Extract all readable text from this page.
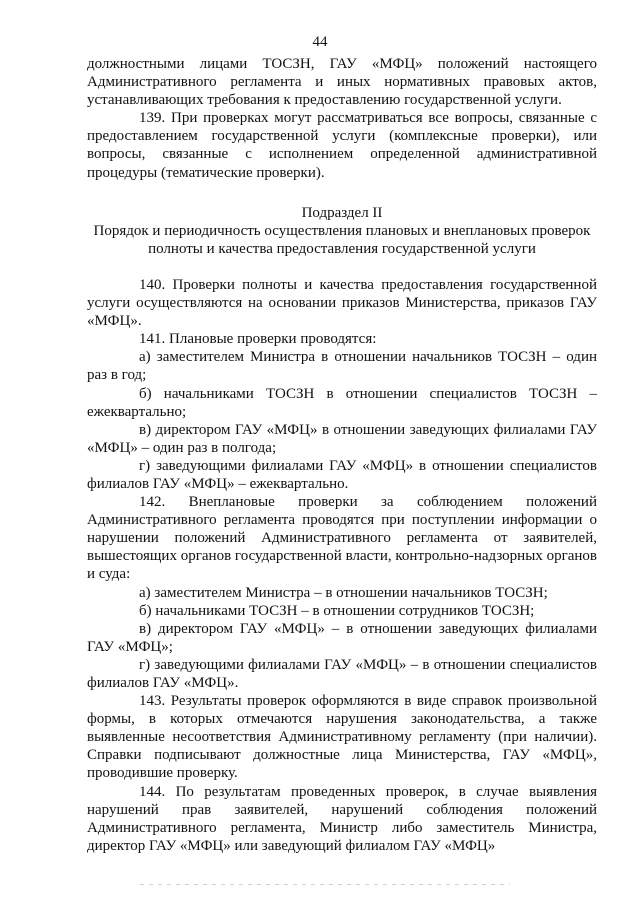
44

должностными лицами ТОСЗН, ГАУ «МФЦ» положений настоящего Административного регламента и иных нормативных правовых актов, устанавливающих требования к предоставлению государственной услуги.

139. При проверках могут рассматриваться все вопросы, связанные с предоставлением государственной услуги (комплексные проверки), или вопросы, связанные с исполнением определенной административной процедуры (тематические проверки).

Подраздел II

Порядок и периодичность осуществления плановых и внеплановых проверок полноты и качества предоставления государственной услуги

140. Проверки полноты и качества предоставления государственной услуги осуществляются на основании приказов Министерства, приказов ГАУ «МФЦ».

141. Плановые проверки проводятся:

а) заместителем Министра в отношении начальников ТОСЗН – один раз в год;

б) начальниками ТОСЗН в отношении специалистов ТОСЗН – ежеквартально;

в) директором ГАУ «МФЦ» в отношении заведующих филиалами ГАУ «МФЦ» – один раз в полгода;

г) заведующими филиалами ГАУ «МФЦ» в отношении специалистов филиалов ГАУ «МФЦ» – ежеквартально.

142. Внеплановые проверки за соблюдением положений Административного регламента проводятся при поступлении информации о нарушении положений Административного регламента от заявителей, вышестоящих органов государственной власти, контрольно-надзорных органов и суда:

а) заместителем Министра – в отношении начальников ТОСЗН;

б) начальниками ТОСЗН – в отношении сотрудников ТОСЗН;

в) директором ГАУ «МФЦ» – в отношении заведующих филиалами ГАУ «МФЦ»;

г) заведующими филиалами ГАУ «МФЦ» – в отношении специалистов филиалов ГАУ «МФЦ».

143. Результаты проверок оформляются в виде справок произвольной формы, в которых отмечаются нарушения законодательства, а также выявленные несоответствия Административному регламенту (при наличии). Справки подписывают должностные лица Министерства, ГАУ «МФЦ», проводившие проверку.

144. По результатам проведенных проверок, в случае выявления нарушений прав заявителей, нарушений соблюдения положений Административного регламента, Министр либо заместитель Министра, директор ГАУ «МФЦ» или заведующий филиалом ГАУ «МФЦ»
